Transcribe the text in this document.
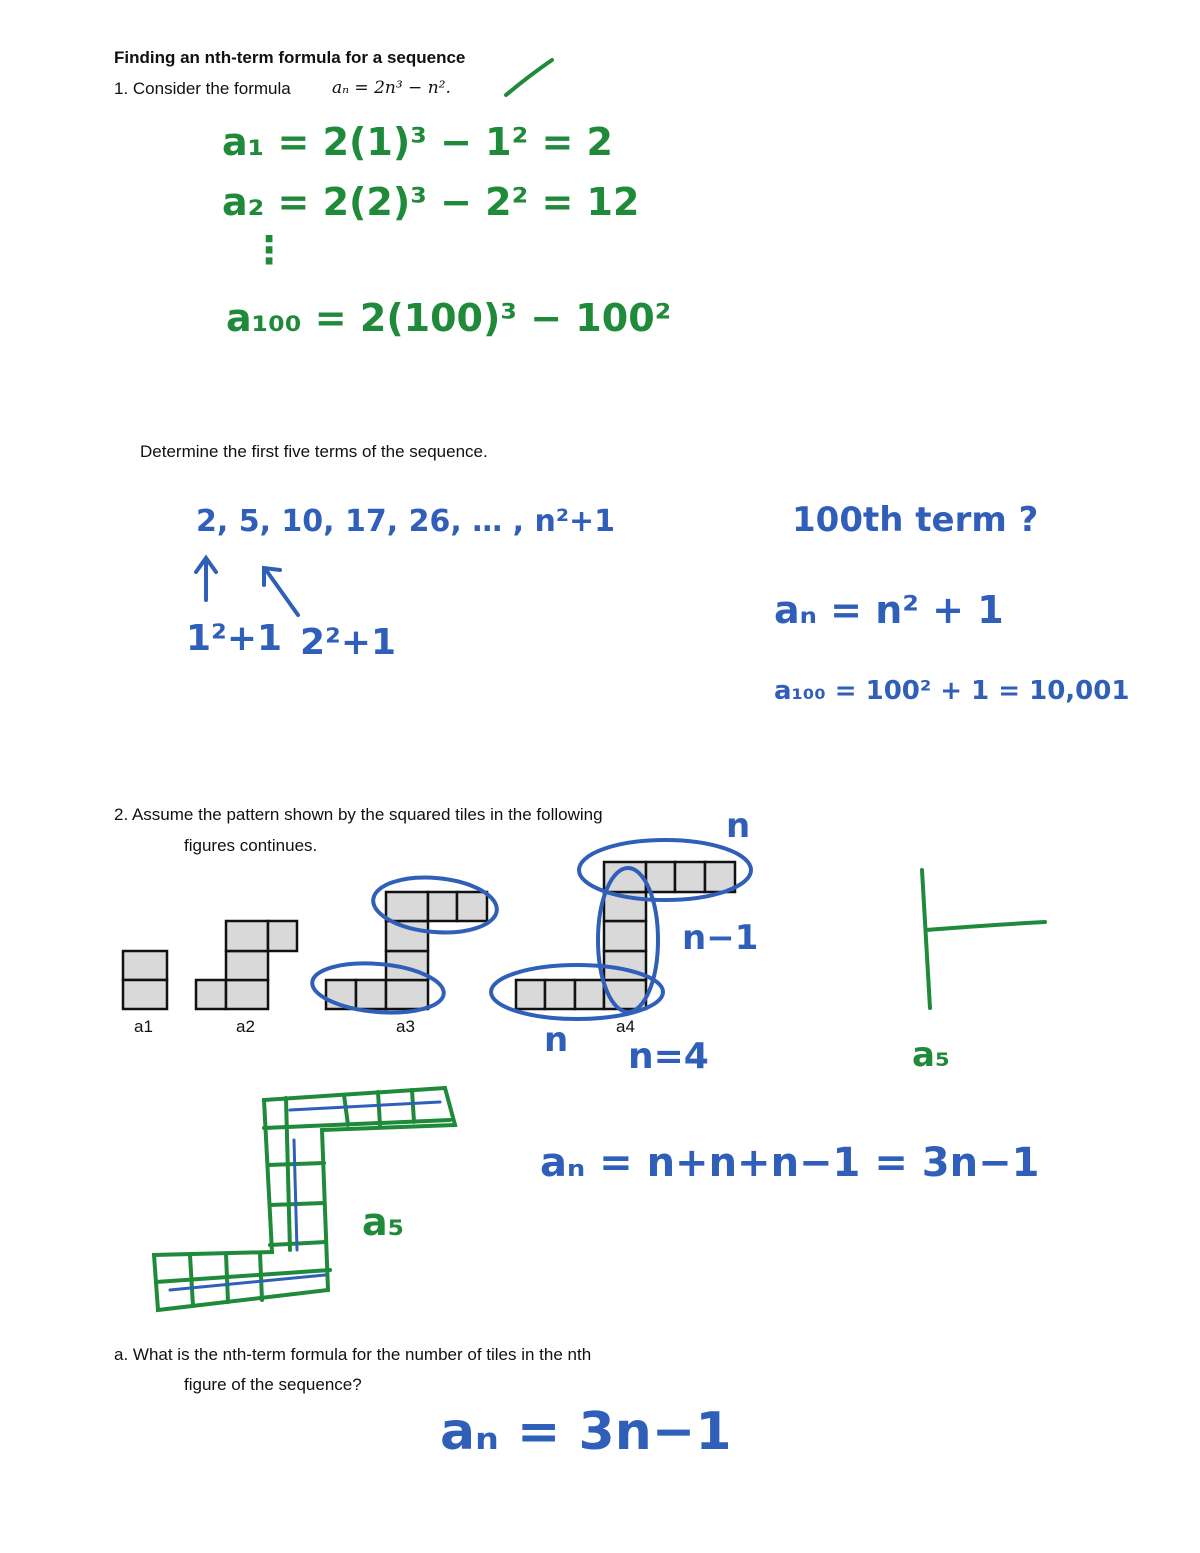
Finding an nth-term formula for a sequence
1. Consider the formula aₙ = 2n³ − n².
Determine the first five terms of the sequence.
2. Assume the pattern shown by the squared tiles in the following
figures continues.
a1	a2	a3	a4
a. What is the nth-term formula for the number of tiles in the nth
figure of the sequence?
a₁ = 2(1)³ − 1² = 2
a₂ = 2(2)³ − 2² = 12
⋮
a₁₀₀ = 2(100)³ − 100²
a₅
a₅
2, 5, 10, 17, 26, … , n²+1
1²+1 2²+1
100th term ?
aₙ = n² + 1
a₁₀₀ = 100² + 1 = 10,001
n
n−1
n n=4
aₙ = n+n+n−1 = 3n−1
aₙ = 3n−1
